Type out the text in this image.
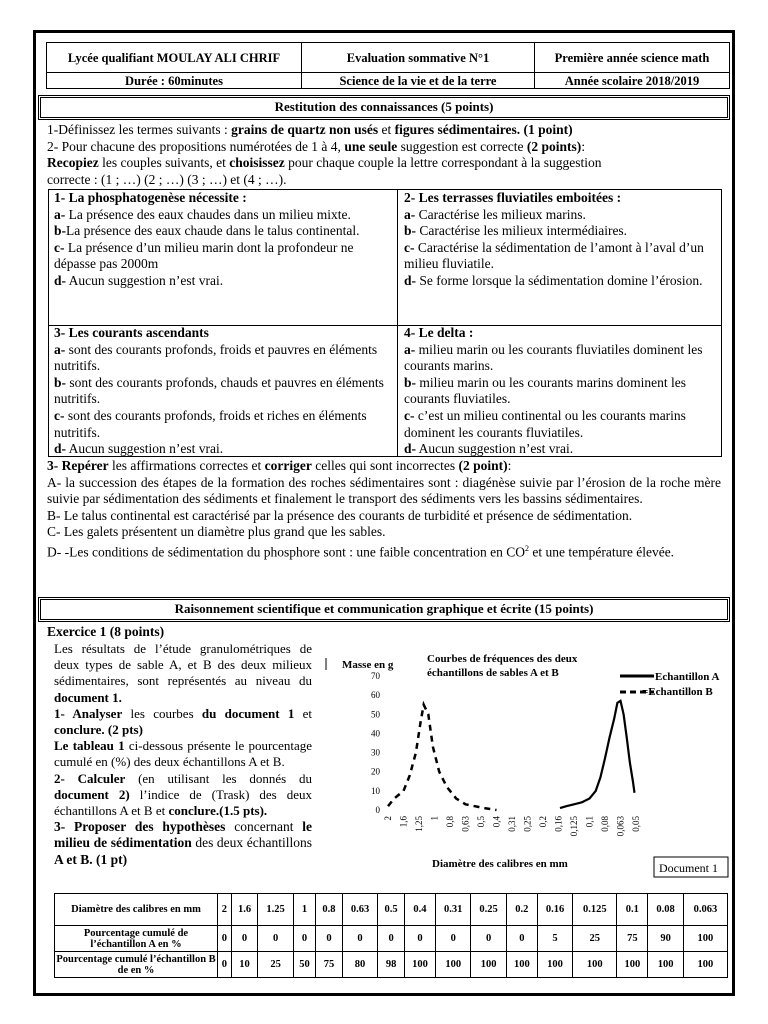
Lycée qualifiant MOULAY ALI CHRIF	Evaluation sommative N°1	Première année science math
Durée : 60minutes	Science de la vie et de la terre	Année scolaire 2018/2019
Restitution des connaissances (5 points)

1-Définissez les termes suivants : grains de quartz non usés et figures sédimentaires. (1 point)

2- Pour chacune des propositions numérotées de 1 à 4, une seule suggestion est correcte (2 points):

Recopiez les couples suivants, et choisissez pour chaque couple la lettre correspondant à la suggestion

correcte : (1 ; …) (2 ; …) (3 ; …) et (4 ; …).

1- La phosphatogenèse nécessite :

a- La présence des eaux chaudes dans un milieu mixte.

b-La présence des eaux chaude dans le talus continental.

c- La présence d’un milieu marin dont la profondeur ne dépasse pas 2000m

d- Aucun suggestion n’est vrai.

2- Les terrasses fluviatiles emboitées :

a- Caractérise les milieux marins.

b- Caractérise les milieux intermédiaires.

c- Caractérise la sédimentation de l’amont à l’aval d’un milieu fluviatile.

d- Se forme lorsque la sédimentation domine l’érosion.

3- Les courants ascendants

a- sont des courants profonds, froids et pauvres en éléments nutritifs.

b- sont des courants profonds, chauds et pauvres en éléments nutritifs.

c- sont des courants profonds, froids et riches en éléments nutritifs.

d- Aucun suggestion n’est vrai.

4- Le delta :

a- milieu marin ou les courants fluviatiles dominent les courants marins.

b- milieu marin ou les courants marins dominent les courants fluviatiles.

c- c’est un milieu continental ou les courants marins dominent les courants fluviatiles.

d- Aucun suggestion n’est vrai.

3- Repérer les affirmations correctes et corriger celles qui sont incorrectes (2 point):

A- la succession des étapes de la formation des roches sédimentaires sont : diagénèse suivie par l’érosion de la roche mère suivie par sédimentation des sédiments et finalement le transport des sédiments vers les bassins sédimentaires.

B- Le talus continental est caractérisé par la présence des courants de turbidité et présence de sédimentation.

C- Les galets présentent un diamètre plus grand que les sables.

D- -Les conditions de sédimentation du phosphore sont : une faible concentration en $CO^2$ et une température élevée.

Raisonnement scientifique et communication graphique et écrite (15 points)
Exercice 1 (8 points)

Les résultats de l’étude granulométriques de deux types de sable A, et B des deux milieux sédimentaires, sont représentés au niveau du document 1.

1- Analyser les courbes du document 1 et conclure. (2 pts)

Le tableau 1 ci-dessous présente le pourcentage cumulé en (%) des deux échantillons A et B.

2- Calculer (en utilisant les donnés du document 2) l’indice de (Trask) des deux échantillons A et B et conclure.(1.5 pts).

3- Proposer des hypothèses concernant le milieu de sédimentation des deux échantillons A et B. (1 pt)

Masse en g	Courbes de fréquences des deux
échantillons de sables A et B	Echantillon A
=Echantillon B
0
10
20
30
40
50
60
70
2 1,6 1,25 1 0,8 0,63 0,5 0,4 0,31 0,25 0,2 0,16 0,125 0,1 0,08 0,063 0,05
Diamètre des calibres en mm	Document 1
Diamètre des calibres en mm	2	1.6	1.25	1	0.8	0.63	0.5	0.4	0.31	0.25	0.2	0.16	0.125	0.1	0.08	0.063
Pourcentage cumulé de l’échantillon A en %	0	0	0	0	0	0	0	0	0	0	0	5	25	75	90	100
Pourcentage cumulé l’échantillon B de en %	0	10	25	50	75	80	98	100	100	100	100	100	100	100	100	100
